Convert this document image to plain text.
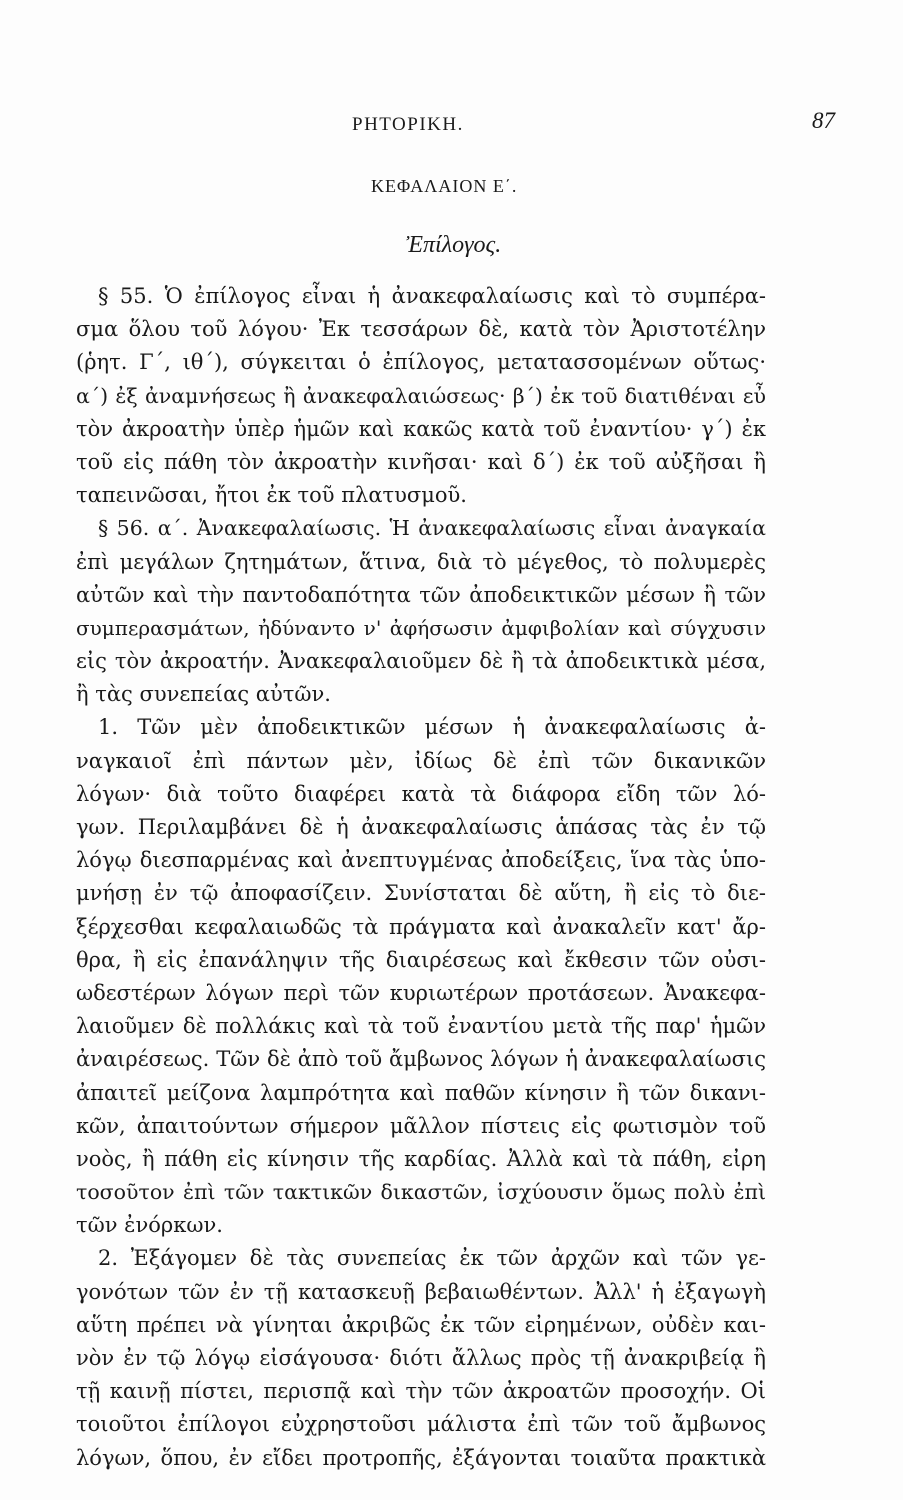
ΡΗΤΟΡΙΚΗ.	87
ΚΕΦΑΛΑΙΟΝ Ε΄.
Ἐπίλογος.
§ 55. Ὁ ἐπίλογος εἶναι ἡ ἀνακεφαλαίωσις καὶ τὸ συμπέρα-
σμα ὅλου τοῦ λόγου· Ἐκ τεσσάρων δὲ, κατὰ τὸν Ἀριστοτέλην
(ῥητ. Γ΄, ιθ΄), σύγκειται ὁ ἐπίλογος, μετατασσομένων οὕτως·
α΄) ἐξ ἀναμνήσεως ἢ ἀνακεφαλαιώσεως· β΄) ἐκ τοῦ διατιθέναι εὖ
τὸν ἀκροατὴν ὑπὲρ ἡμῶν καὶ κακῶς κατὰ τοῦ ἐναντίου· γ΄) ἐκ
τοῦ εἰς πάθη τὸν ἀκροατὴν κινῆσαι· καὶ δ΄) ἐκ τοῦ αὐξῆσαι ἢ
ταπεινῶσαι, ἤτοι ἐκ τοῦ πλατυσμοῦ.
§ 56. α΄. Ἀνακεφαλαίωσις. Ἡ ἀνακεφαλαίωσις εἶναι ἀναγκαία
ἐπὶ μεγάλων ζητημάτων, ἅτινα, διὰ τὸ μέγεθος, τὸ πολυμερὲς
αὐτῶν καὶ τὴν παντοδαπότητα τῶν ἀποδεικτικῶν μέσων ἢ τῶν
συμπερασμάτων, ἠδύναντο ν' ἀφήσωσιν ἀμφιβολίαν καὶ σύγχυσιν
εἰς τὸν ἀκροατήν. Ἀνακεφαλαιοῦμεν δὲ ἢ τὰ ἀποδεικτικὰ μέσα,
ἢ τὰς συνεπείας αὐτῶν.
1. Τῶν μὲν ἀποδεικτικῶν μέσων ἡ ἀνακεφαλαίωσις ἀ-
ναγκαιοῖ ἐπὶ πάντων μὲν, ἰδίως δὲ ἐπὶ τῶν δικανικῶν
λόγων· διὰ τοῦτο διαφέρει κατὰ τὰ διάφορα εἴδη τῶν λό-
γων. Περιλαμβάνει δὲ ἡ ἀνακεφαλαίωσις ἁπάσας τὰς ἐν τῷ
λόγῳ διεσπαρμένας καὶ ἀνεπτυγμένας ἀποδείξεις, ἵνα τὰς ὑπο-
μνήσῃ ἐν τῷ ἀποφασίζειν. Συνίσταται δὲ αὕτη, ἢ εἰς τὸ διε-
ξέρχεσθαι κεφαλαιωδῶς τὰ πράγματα καὶ ἀνακαλεῖν κατ' ἄρ-
θρα, ἢ εἰς ἐπανάληψιν τῆς διαιρέσεως καὶ ἔκθεσιν τῶν οὐσι-
ωδεστέρων λόγων περὶ τῶν κυριωτέρων προτάσεων. Ἀνακεφα-
λαιοῦμεν δὲ πολλάκις καὶ τὰ τοῦ ἐναντίου μετὰ τῆς παρ' ἡμῶν
ἀναιρέσεως. Τῶν δὲ ἀπὸ τοῦ ἄμβωνος λόγων ἡ ἀνακεφαλαίωσις
ἀπαιτεῖ μείζονα λαμπρότητα καὶ παθῶν κίνησιν ἢ τῶν δικανι-
κῶν, ἀπαιτούντων σήμερον μᾶλλον πίστεις εἰς φωτισμὸν τοῦ
νοὸς, ἢ πάθη εἰς κίνησιν τῆς καρδίας. Ἀλλὰ καὶ τὰ πάθη, εἰρη
τοσοῦτον ἐπὶ τῶν τακτικῶν δικαστῶν, ἰσχύουσιν ὅμως πολὺ ἐπὶ
τῶν ἐνόρκων.
2. Ἐξάγομεν δὲ τὰς συνεπείας ἐκ τῶν ἀρχῶν καὶ τῶν γε-
γονότων τῶν ἐν τῇ κατασκευῇ βεβαιωθέντων. Ἀλλ' ἡ ἐξαγωγὴ
αὕτη πρέπει νὰ γίνηται ἀκριβῶς ἐκ τῶν εἰρημένων, οὐδὲν και-
νὸν ἐν τῷ λόγῳ εἰσάγουσα· διότι ἄλλως πρὸς τῇ ἀνακριβείᾳ ἢ
τῇ καινῇ πίστει, περισπᾷ καὶ τὴν τῶν ἀκροατῶν προσοχήν. Οἱ
τοιοῦτοι ἐπίλογοι εὐχρηστοῦσι μάλιστα ἐπὶ τῶν τοῦ ἄμβωνος
λόγων, ὅπου, ἐν εἴδει προτροπῆς, ἐξάγονται τοιαῦτα πρακτικὰ
